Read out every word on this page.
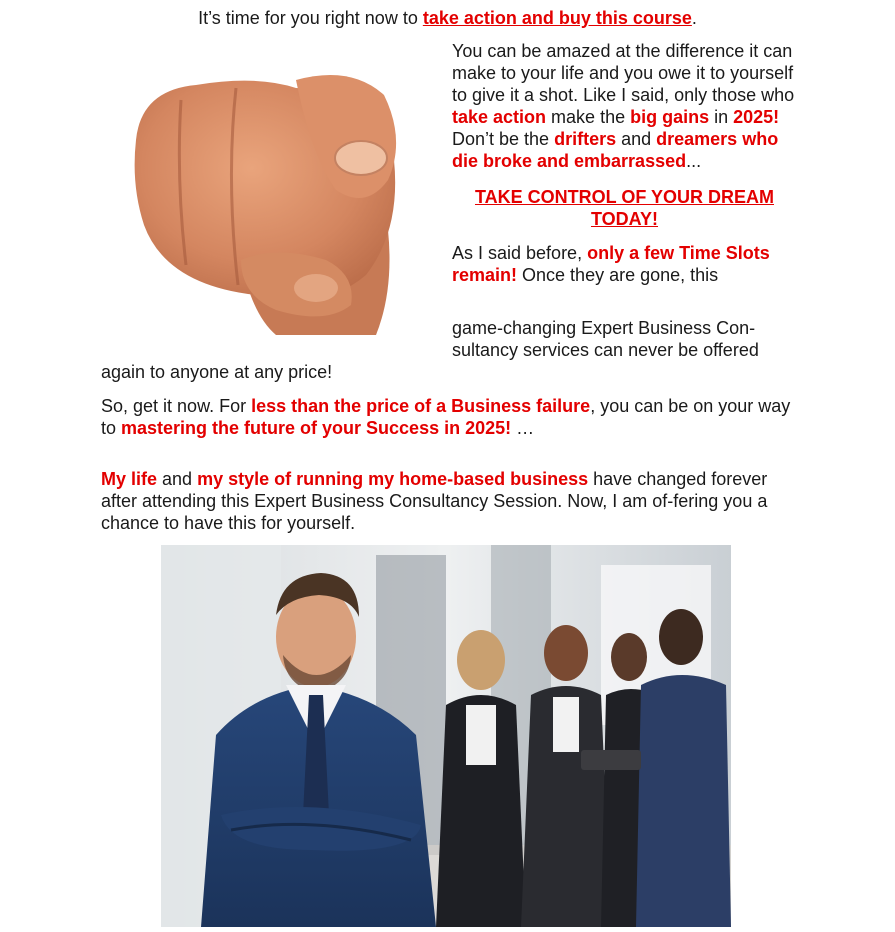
It’s time for you right now to take action and buy this course.

You can be amazed at the difference it can make to your life and you owe it to yourself to give it a shot. Like I said, only those who take action make the big gains in 2025! Don’t be the drifters and dreamers who die broke and embarrassed...

TAKE CONTROL OF YOUR DREAM TODAY!

As I said before, only a few Time Slots remain! Once they are gone, this

game-changing Expert Business Con-sultancy services can never be offered

again to anyone at any price!

So, get it now. For less than the price of a Business failure, you can be on your way to mastering the future of your Success in 2025! …

My life and my style of running my home-based business have changed forever after attending this Expert Business Consultancy Session. Now, I am of-fering you a chance to have this for yourself.
